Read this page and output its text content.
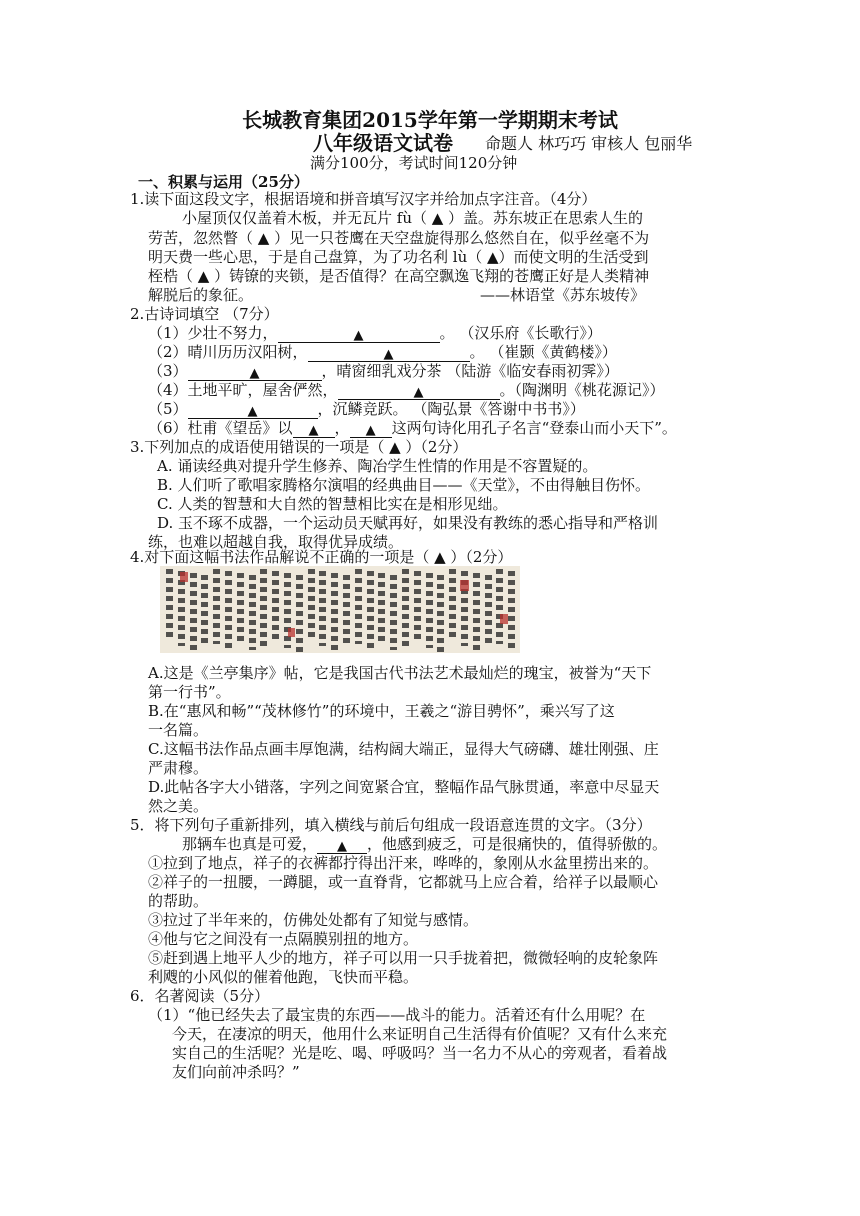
长城教育集团2015学年第一学期期末考试
八年级语文试卷 命题人 林巧巧 审核人 包丽华
满分100分，考试时间120分钟
一、积累与运用（25分）
1.读下面这段文字，根据语境和拼音填写汉字并给加点字注音。（4分）
小屋顶仅仅盖着木板，并无瓦片 fù（ ▲ ）盖。苏东坡正在思索人生的
劳苦，忽然瞥（ ▲ ）见一只苍鹰在天空盘旋得那么悠然自在，似乎丝毫不为
明天费一些心思，于是自己盘算，为了功名利 lù（ ▲）而使文明的生活受到
桎梏（ ▲ ）铸镣的夹锁，是否值得？在高空飘逸飞翔的苍鹰正好是人类精神
解脱后的象征。	——林语堂《苏东坡传》
2.古诗词填空 （7分）
（1）少壮不努力，	▲	。 （汉乐府《长歌行》）
（2）晴川历历汉阳树，	▲	。 （崔颢《黄鹤楼》）
（3）	▲	，晴窗细乳戏分茶 （陆游《临安春雨初霁》）
（4）土地平旷，屋舍俨然，	▲	。（陶渊明《桃花源记》）
（5）	▲	，沉鳞竞跃。 （陶弘景《答谢中书书》）
（6）杜甫《望岳》以 ▲ ， ▲ 这两句诗化用孔子名言“登泰山而小天下”。
3.下列加点的成语使用错误的一项是（ ▲ ）（2分）
A. 诵读经典对提升学生修养、陶冶学生性情的作用是不容置疑的。
B. 人们听了歌唱家腾格尔演唱的经典曲目——《天堂》，不由得触目伤怀。
C. 人类的智慧和大自然的智慧相比实在是相形见绌。
D. 玉不琢不成器，一个运动员天赋再好，如果没有教练的悉心指导和严格训
练，也难以超越自我，取得优异成绩。
4.对下面这幅书法作品解说不正确的一项是（ ▲ ）（2分）
A.这是《兰亭集序》帖，它是我国古代书法艺术最灿烂的瑰宝，被誉为“天下
第一行书”。
B.在“惠风和畅”“茂林修竹”的环境中，王羲之“游目骋怀”，乘兴写了这
一名篇。
C.这幅书法作品点画丰厚饱满，结构阔大端正，显得大气磅礴、雄壮刚强、庄
严肃穆。
D.此帖各字大小错落，字列之间宽紧合宜，整幅作品气脉贯通，率意中尽显天
然之美。
5．将下列句子重新排列，填入横线与前后句组成一段语意连贯的文字。（3分）
那辆车也真是可爱， ▲ ，他感到疲乏，可是很痛快的，值得骄傲的。
①拉到了地点，祥子的衣裤都拧得出汗来，哗哗的，象刚从水盆里捞出来的。
②祥子的一扭腰，一蹲腿，或一直脊背，它都就马上应合着，给祥子以最顺心
的帮助。
③拉过了半年来的，仿佛处处都有了知觉与感情。
④他与它之间没有一点隔膜别扭的地方。
⑤赶到遇上地平人少的地方，祥子可以用一只手拢着把，微微轻响的皮轮象阵
利飕的小风似的催着他跑，飞快而平稳。
6．名著阅读（5分）
（1）“他已经失去了最宝贵的东西——战斗的能力。活着还有什么用呢？在
今天，在凄凉的明天，他用什么来证明自己生活得有价值呢？又有什么来充
实自己的生活呢？光是吃、喝、呼吸吗？当一名力不从心的旁观者，看着战
友们向前冲杀吗？”
